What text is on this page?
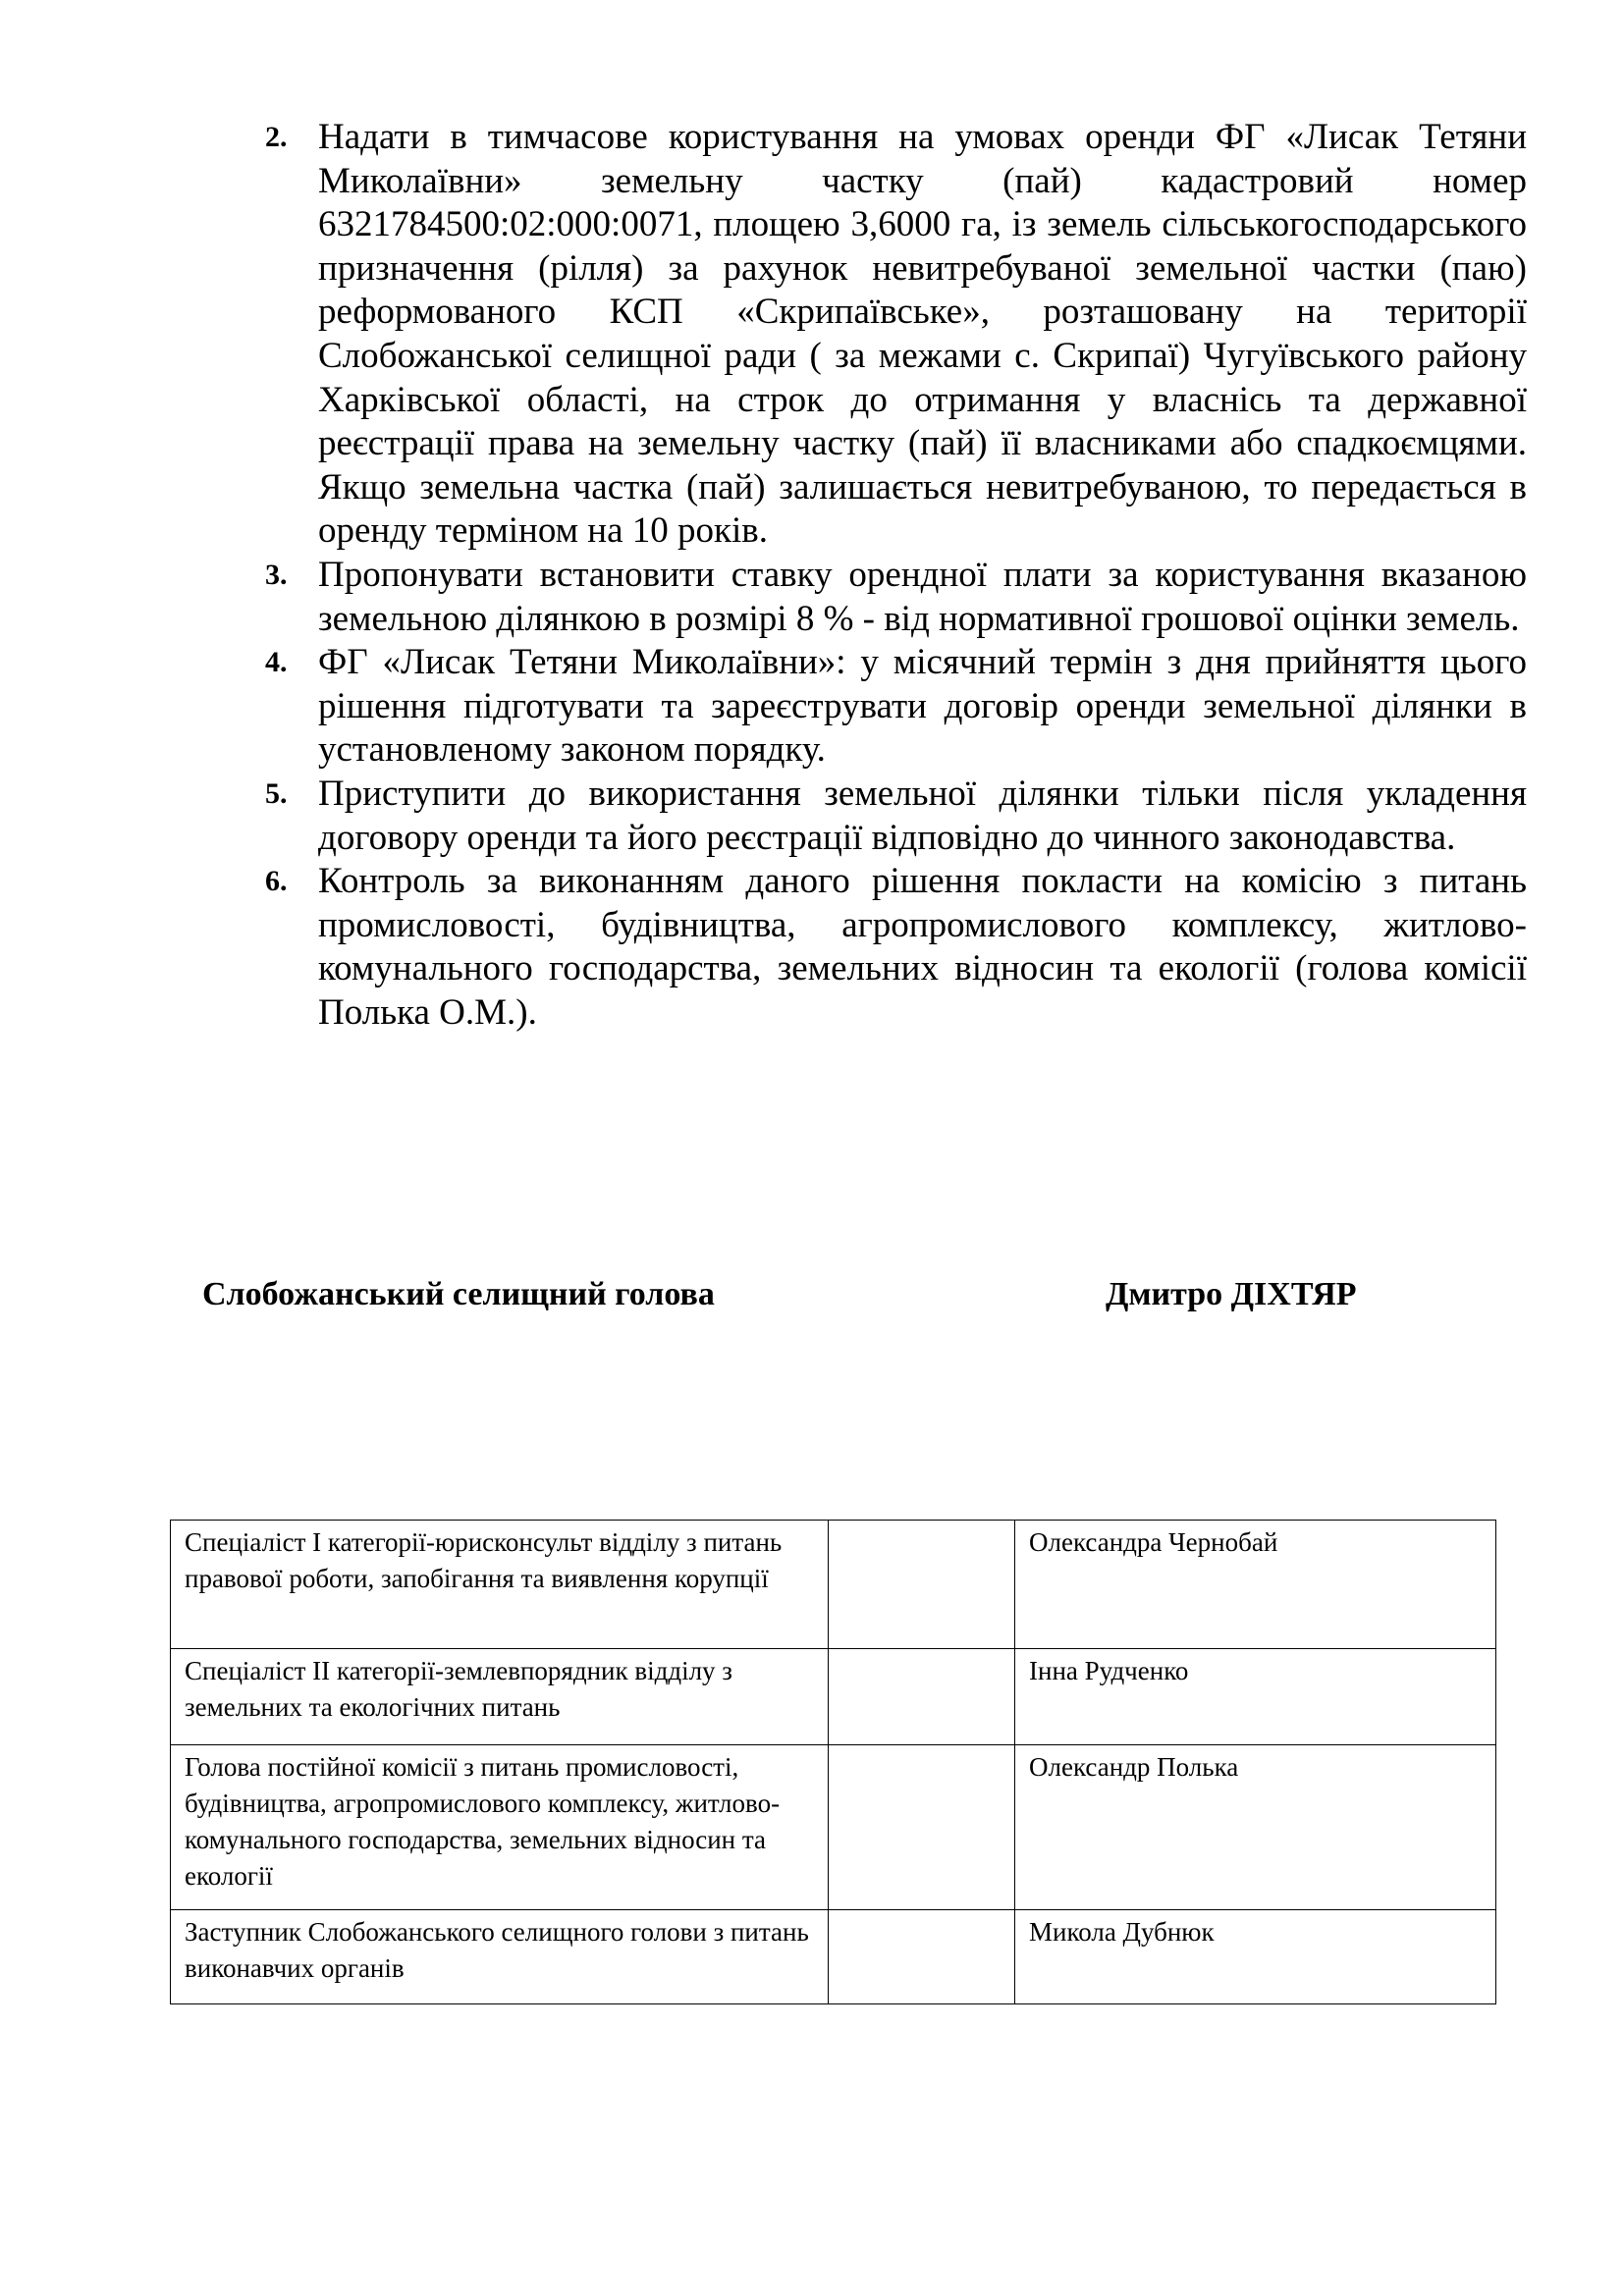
2. Надати в тимчасове користування на умовах оренди ФГ «Лисак Тетяни Миколаївни» земельну частку (пай) кадастровий номер 6321784500:02:000:0071, площею 3,6000 га, із земель сільськогосподарського призначення (рілля) за рахунок невитребуваної земельної частки (паю) реформованого КСП «Скрипаївське», розташовану на території Слобожанської селищної ради ( за межами с. Скрипаї) Чугуївського району Харківської області, на строк до отримання у власнісь та державної реєстрації права на земельну частку (пай) її власниками або спадкоємцями. Якщо земельна частка (пай) залишається невитребуваною, то передається в оренду терміном на 10 років.
3. Пропонувати встановити ставку орендної плати за користування вказаною земельною ділянкою в розмірі 8 % - від нормативної грошової оцінки земель.
4. ФГ «Лисак Тетяни Миколаївни»: у місячний термін з дня прийняття цього рішення підготувати та зареєструвати договір оренди земельної ділянки в установленому законом порядку.
5. Приступити до використання земельної ділянки тільки після укладення договору оренди та його реєстрації відповідно до чинного законодавства.
6. Контроль за виконанням даного рішення покласти на комісію з питань промисловості, будівництва, агропромислового комплексу, житлово-комунального господарства, земельних відносин та екології (голова комісії Полька О.М.).
Слобожанський селищний голова	Дмитро ДІХТЯР
Спеціаліст І категорії-юрисконсульт відділу з питань правової роботи, запобігання та виявлення корупції		Олександра Чернобай
Спеціаліст ІІ категорії-землевпорядник відділу з земельних та екологічних питань		Інна Рудченко
Голова постійної комісії з питань промисловості, будівництва, агропромислового комплексу, житлово-комунального господарства, земельних відносин та екології		Олександр Полька
Заступник Слобожанського селищного голови з питань виконавчих органів		Микола Дубнюк
